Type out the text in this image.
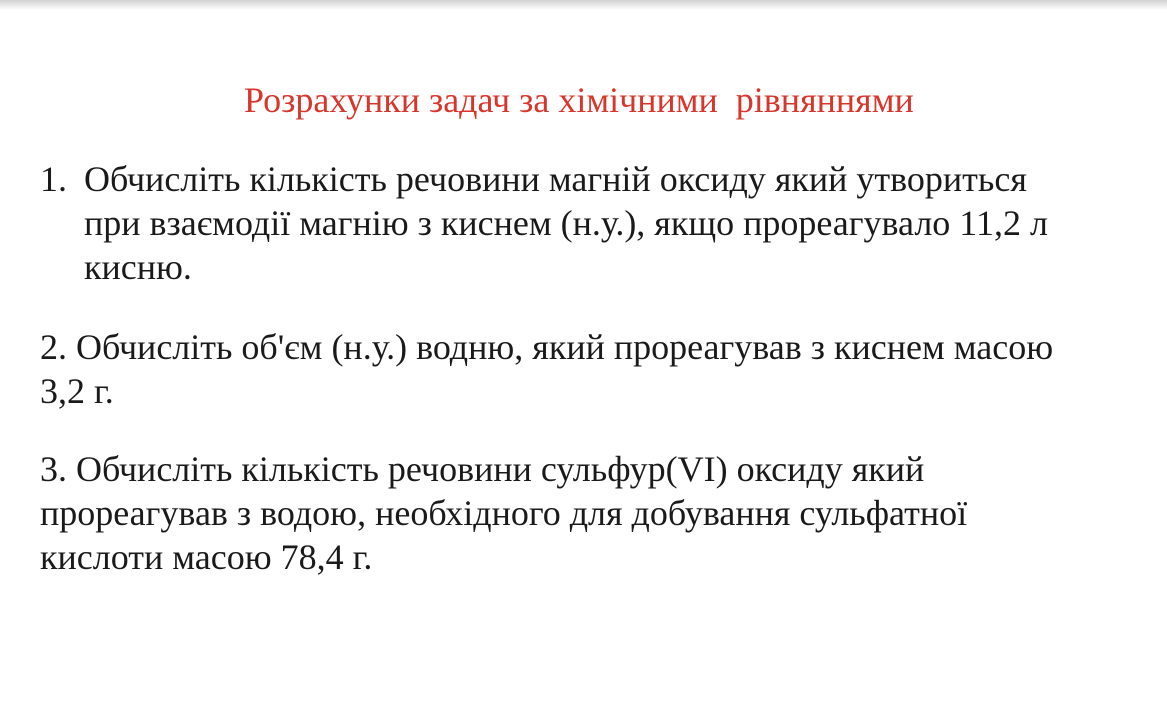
Розрахунки задач за хімічними  рівняннями
1. Обчисліть кількість речовини магній оксиду який утвориться
при взаємодії магнію з киснем (н.у.), якщо прореагувало 11,2 л
кисню.
2. Обчисліть об'єм (н.у.) водню, який прореагував з киснем масою
3,2 г.
3. Обчисліть кількість речовини сульфур(VI) оксиду який
прореагував з водою, необхідного для добування сульфатної
кислоти масою 78,4 г.
